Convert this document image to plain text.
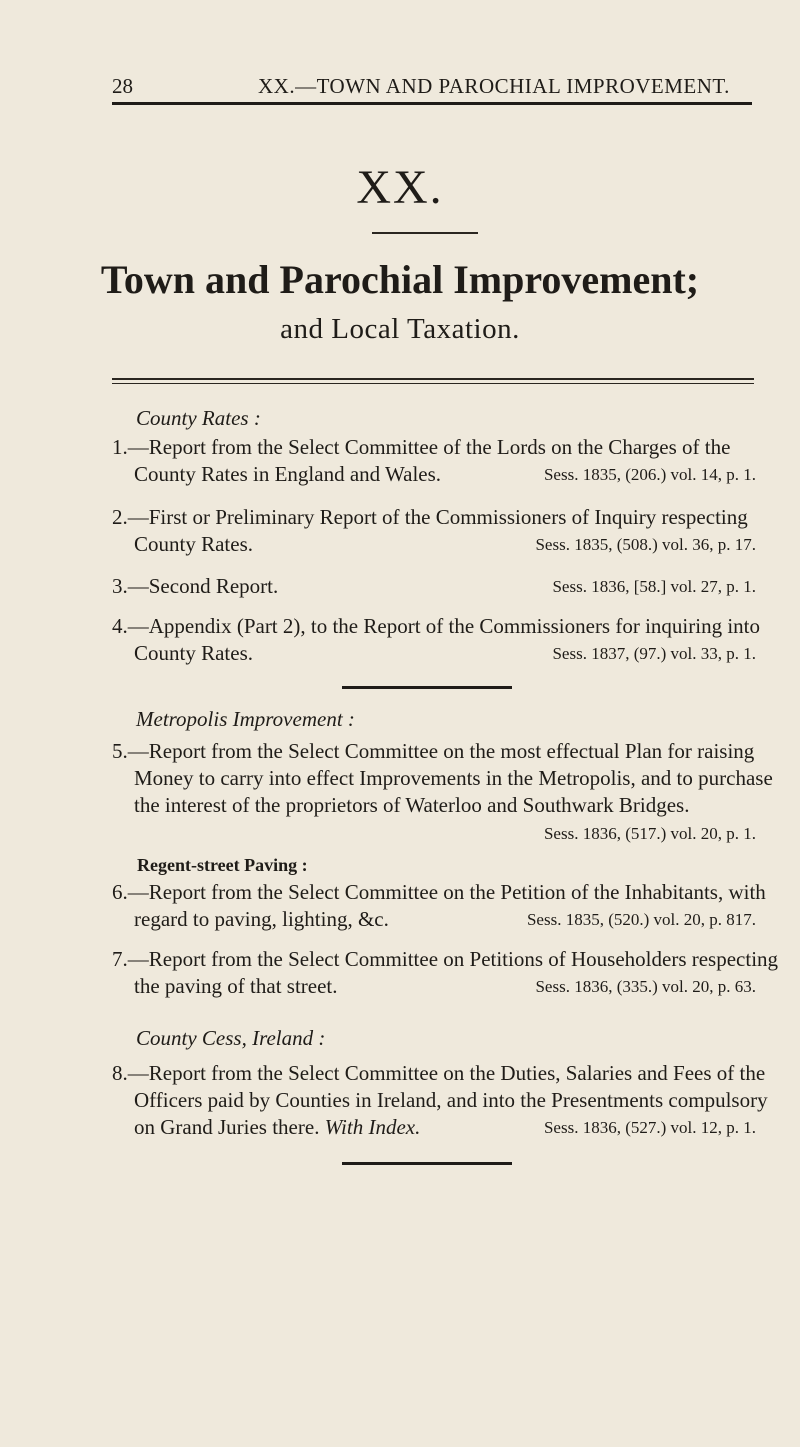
28	XX.—TOWN AND PAROCHIAL IMPROVEMENT.
XX.
Town and Parochial Improvement;
and Local Taxation.
County Rates :
1.—Report from the Select Committee of the Lords on the Charges of the
County Rates in England and Wales.	Sess. 1835, (206.) vol. 14, p. 1.
2.—First or Preliminary Report of the Commissioners of Inquiry respecting
County Rates.	Sess. 1835, (508.) vol. 36, p. 17.
3.—Second Report.	Sess. 1836, [58.] vol. 27, p. 1.
4.—Appendix (Part 2), to the Report of the Commissioners for inquiring into
County Rates.	Sess. 1837, (97.) vol. 33, p. 1.
Metropolis Improvement :
5.—Report from the Select Committee on the most effectual Plan for raising
Money to carry into effect Improvements in the Metropolis, and to purchase
the interest of the proprietors of Waterloo and Southwark Bridges.
Sess. 1836, (517.) vol. 20, p. 1.
Regent-street Paving :
6.—Report from the Select Committee on the Petition of the Inhabitants, with
regard to paving, lighting, &c.	Sess. 1835, (520.) vol. 20, p. 817.
7.—Report from the Select Committee on Petitions of Householders respecting
the paving of that street.	Sess. 1836, (335.) vol. 20, p. 63.
County Cess, Ireland :
8.—Report from the Select Committee on the Duties, Salaries and Fees of the
Officers paid by Counties in Ireland, and into the Presentments compulsory
on Grand Juries there. With Index.	Sess. 1836, (527.) vol. 12, p. 1.
